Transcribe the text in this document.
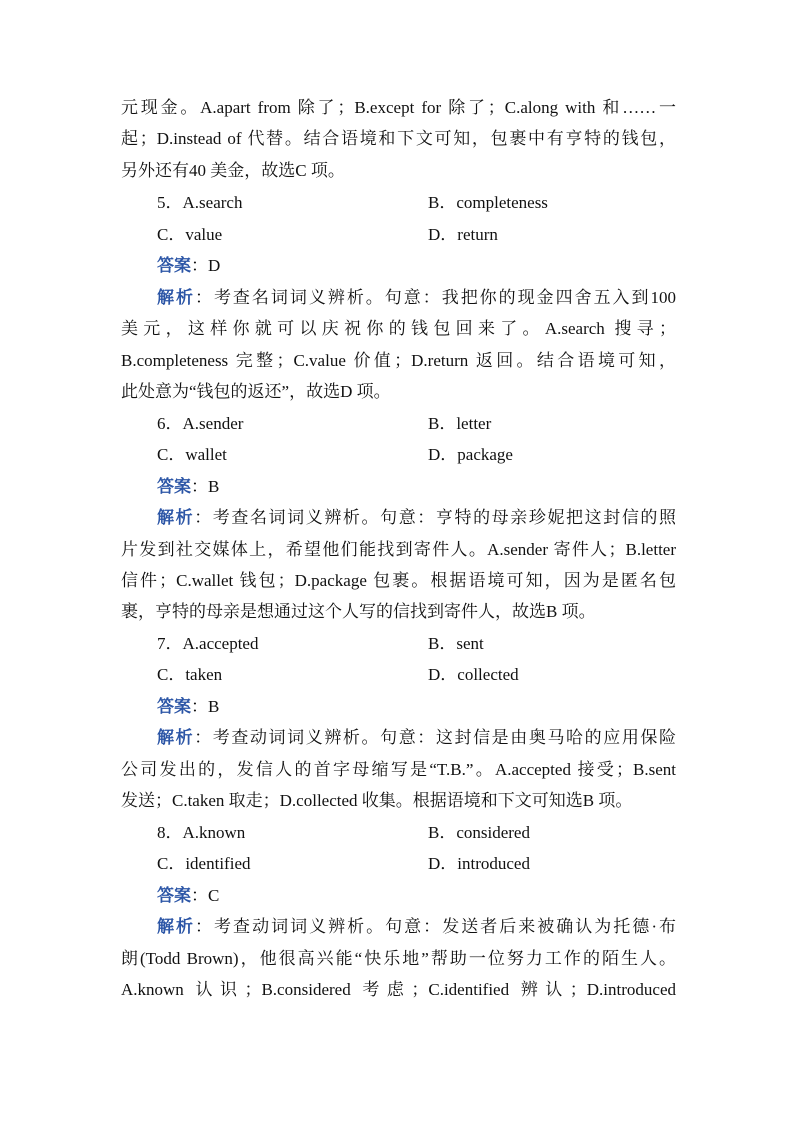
元现金。A.apart from 除了；B.except for 除了；C.along with 和……一
起；D.instead of 代替。结合语境和下文可知，包裹中有亨特的钱包，
另外还有40 美金，故选C 项。
5．A.search	B．completeness
C．value	D．return
答案：D
解析：考查名词词义辨析。句意：我把你的现金四舍五入到100
美元，这样你就可以庆祝你的钱包回来了。A.search 搜寻；
B.completeness 完整；C.value 价值；D.return 返回。结合语境可知，
此处意为“钱包的返还”，故选D 项。
6．A.sender	B．letter
C．wallet	D．package
答案：B
解析：考查名词词义辨析。句意：亨特的母亲珍妮把这封信的照
片发到社交媒体上，希望他们能找到寄件人。A.sender 寄件人；B.letter
信件；C.wallet 钱包；D.package 包裹。根据语境可知，因为是匿名包
裹，亨特的母亲是想通过这个人写的信找到寄件人，故选B 项。
7．A.accepted	B．sent
C．taken	D．collected
答案：B
解析：考查动词词义辨析。句意：这封信是由奥马哈的应用保险
公司发出的，发信人的首字母缩写是“T.B.”。A.accepted 接受；B.sent
发送；C.taken 取走；D.collected 收集。根据语境和下文可知选B 项。
8．A.known	B．considered
C．identified	D．introduced
答案：C
解析：考查动词词义辨析。句意：发送者后来被确认为托德·布
朗(Todd Brown)，他很高兴能“快乐地”帮助一位努力工作的陌生人。
A.known 认识；B.considered 考虑；C.identified 辨认；D.introduced
